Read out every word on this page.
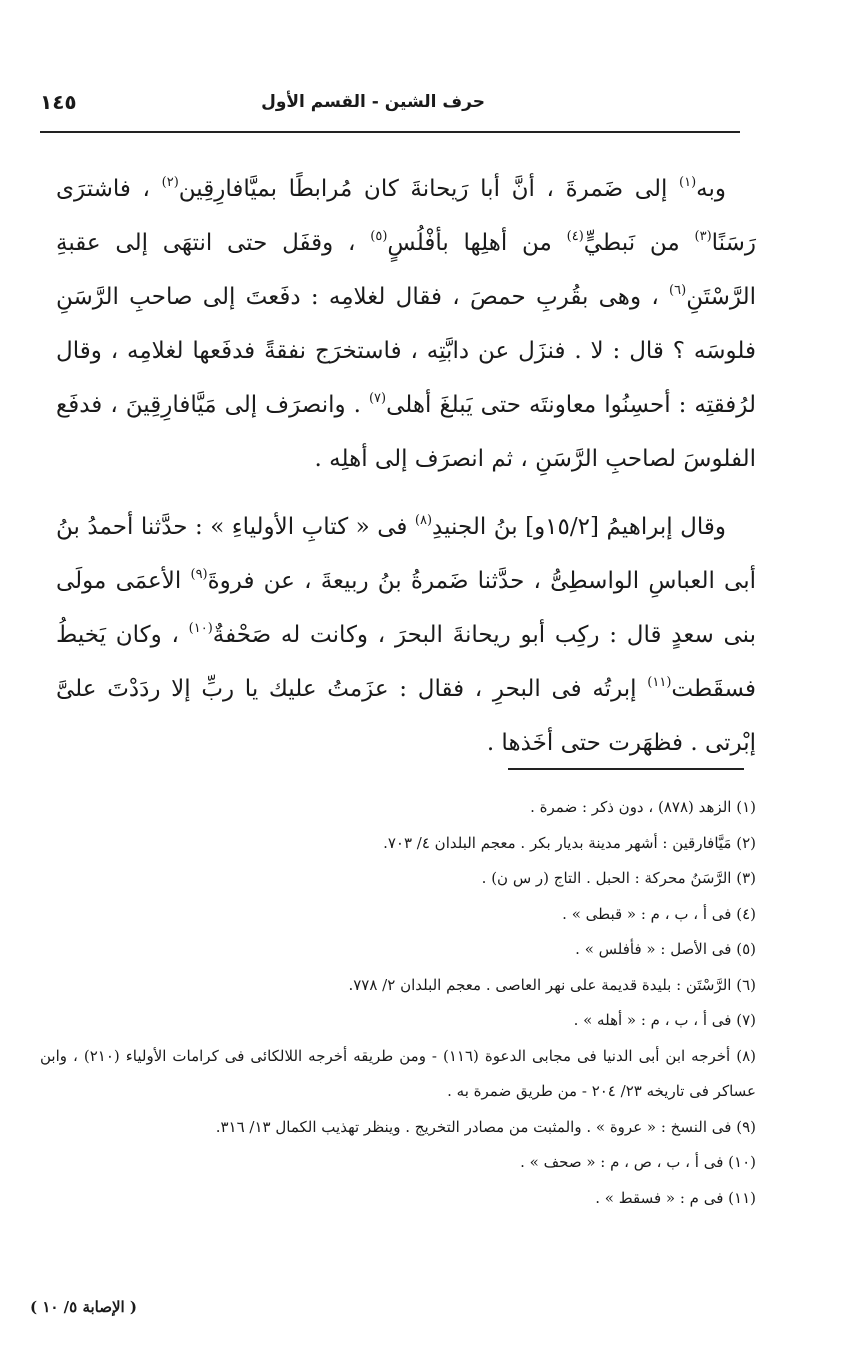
حرف الشين - القسم الأول
١٤٥

وبه$^{(١)}$ إلى ضَمرةَ ، أنَّ أبا رَيحانةَ كان مُرابطًا بميَّافارِقِين$^{(٢)}$ ، فاشترَى رَسَنًا$^{(٣)}$ من نَبطيٍّ$^{(٤)}$ من أهلِها بأفْلُسٍ$^{(٥)}$ ، وقفَل حتى انتهَى إلى عقبةِ الرَّسْتَنِ$^{(٦)}$ ، وهى بقُربِ حمصَ ، فقال لغلامِه : دفَعتَ إلى صاحبِ الرَّسَنِ فلوسَه ؟ قال : لا . فنزَل عن دابَّتِه ، فاستخرَج نفقةً فدفَعها لغلامِه ، وقال لرُفقتِه : أحسِنُوا معاونتَه حتى يَبلغَ أهلى$^{(٧)}$ . وانصرَف إلى مَيَّافارِقِينَ ، فدفَع الفلوسَ لصاحبِ الرَّسَنِ ، ثم انصرَف إلى أهلِه .

وقال إبراهيمُ [١٥/٢و] بنُ الجنيدِ$^{(٨)}$ فى « كتابِ الأولياءِ » : حدَّثنا أحمدُ بنُ أبى العباسِ الواسطِىُّ ، حدَّثنا ضَمرةُ بنُ ربيعةَ ، عن فروةَ$^{(٩)}$ الأعمَى مولَى بنى سعدٍ قال : ركِب أبو ريحانةَ البحرَ ، وكانت له صَحْفةٌ$^{(١٠)}$ ، وكان يَخيطُ فسقَطت$^{(١١)}$ إبرتُه فى البحرِ ، فقال : عزَمتُ عليك يا ربِّ إلا ردَدْتَ علىَّ إبْرتى . فظهَرت حتى أخَذها .

(١) الزهد (٨٧٨) ، دون ذكر : ضمرة .

(٢) مَيَّافارقين : أشهر مدينة بديار بكر . معجم البلدان ٤/ ٧٠٣.

(٣) الرَّسَنُ محركة : الحبل . التاج (ر س ن) .

(٤) فى أ ، ب ، م : « قبطى » .

(٥) فى الأصل : « فأفلس » .

(٦) الرَّسْتَن : بليدة قديمة على نهر العاصى . معجم البلدان ٢/ ٧٧٨.

(٧) فى أ ، ب ، م : « أهله » .

(٨) أخرجه ابن أبى الدنيا فى مجابى الدعوة (١١٦) - ومن طريقه أخرجه اللالكائى فى كرامات الأولياء (٢١٠) ، وابن عساكر فى تاريخه ٢٣/ ٢٠٤ - من طريق ضمرة به .

(٩) فى النسخ : « عروة » . والمثبت من مصادر التخريج . وينظر تهذيب الكمال ١٣/ ٣١٦.

(١٠) فى أ ، ب ، ص ، م : « صحف » .

(١١) فى م : « فسقط » .

( الإصابة ٥/ ١٠ )
